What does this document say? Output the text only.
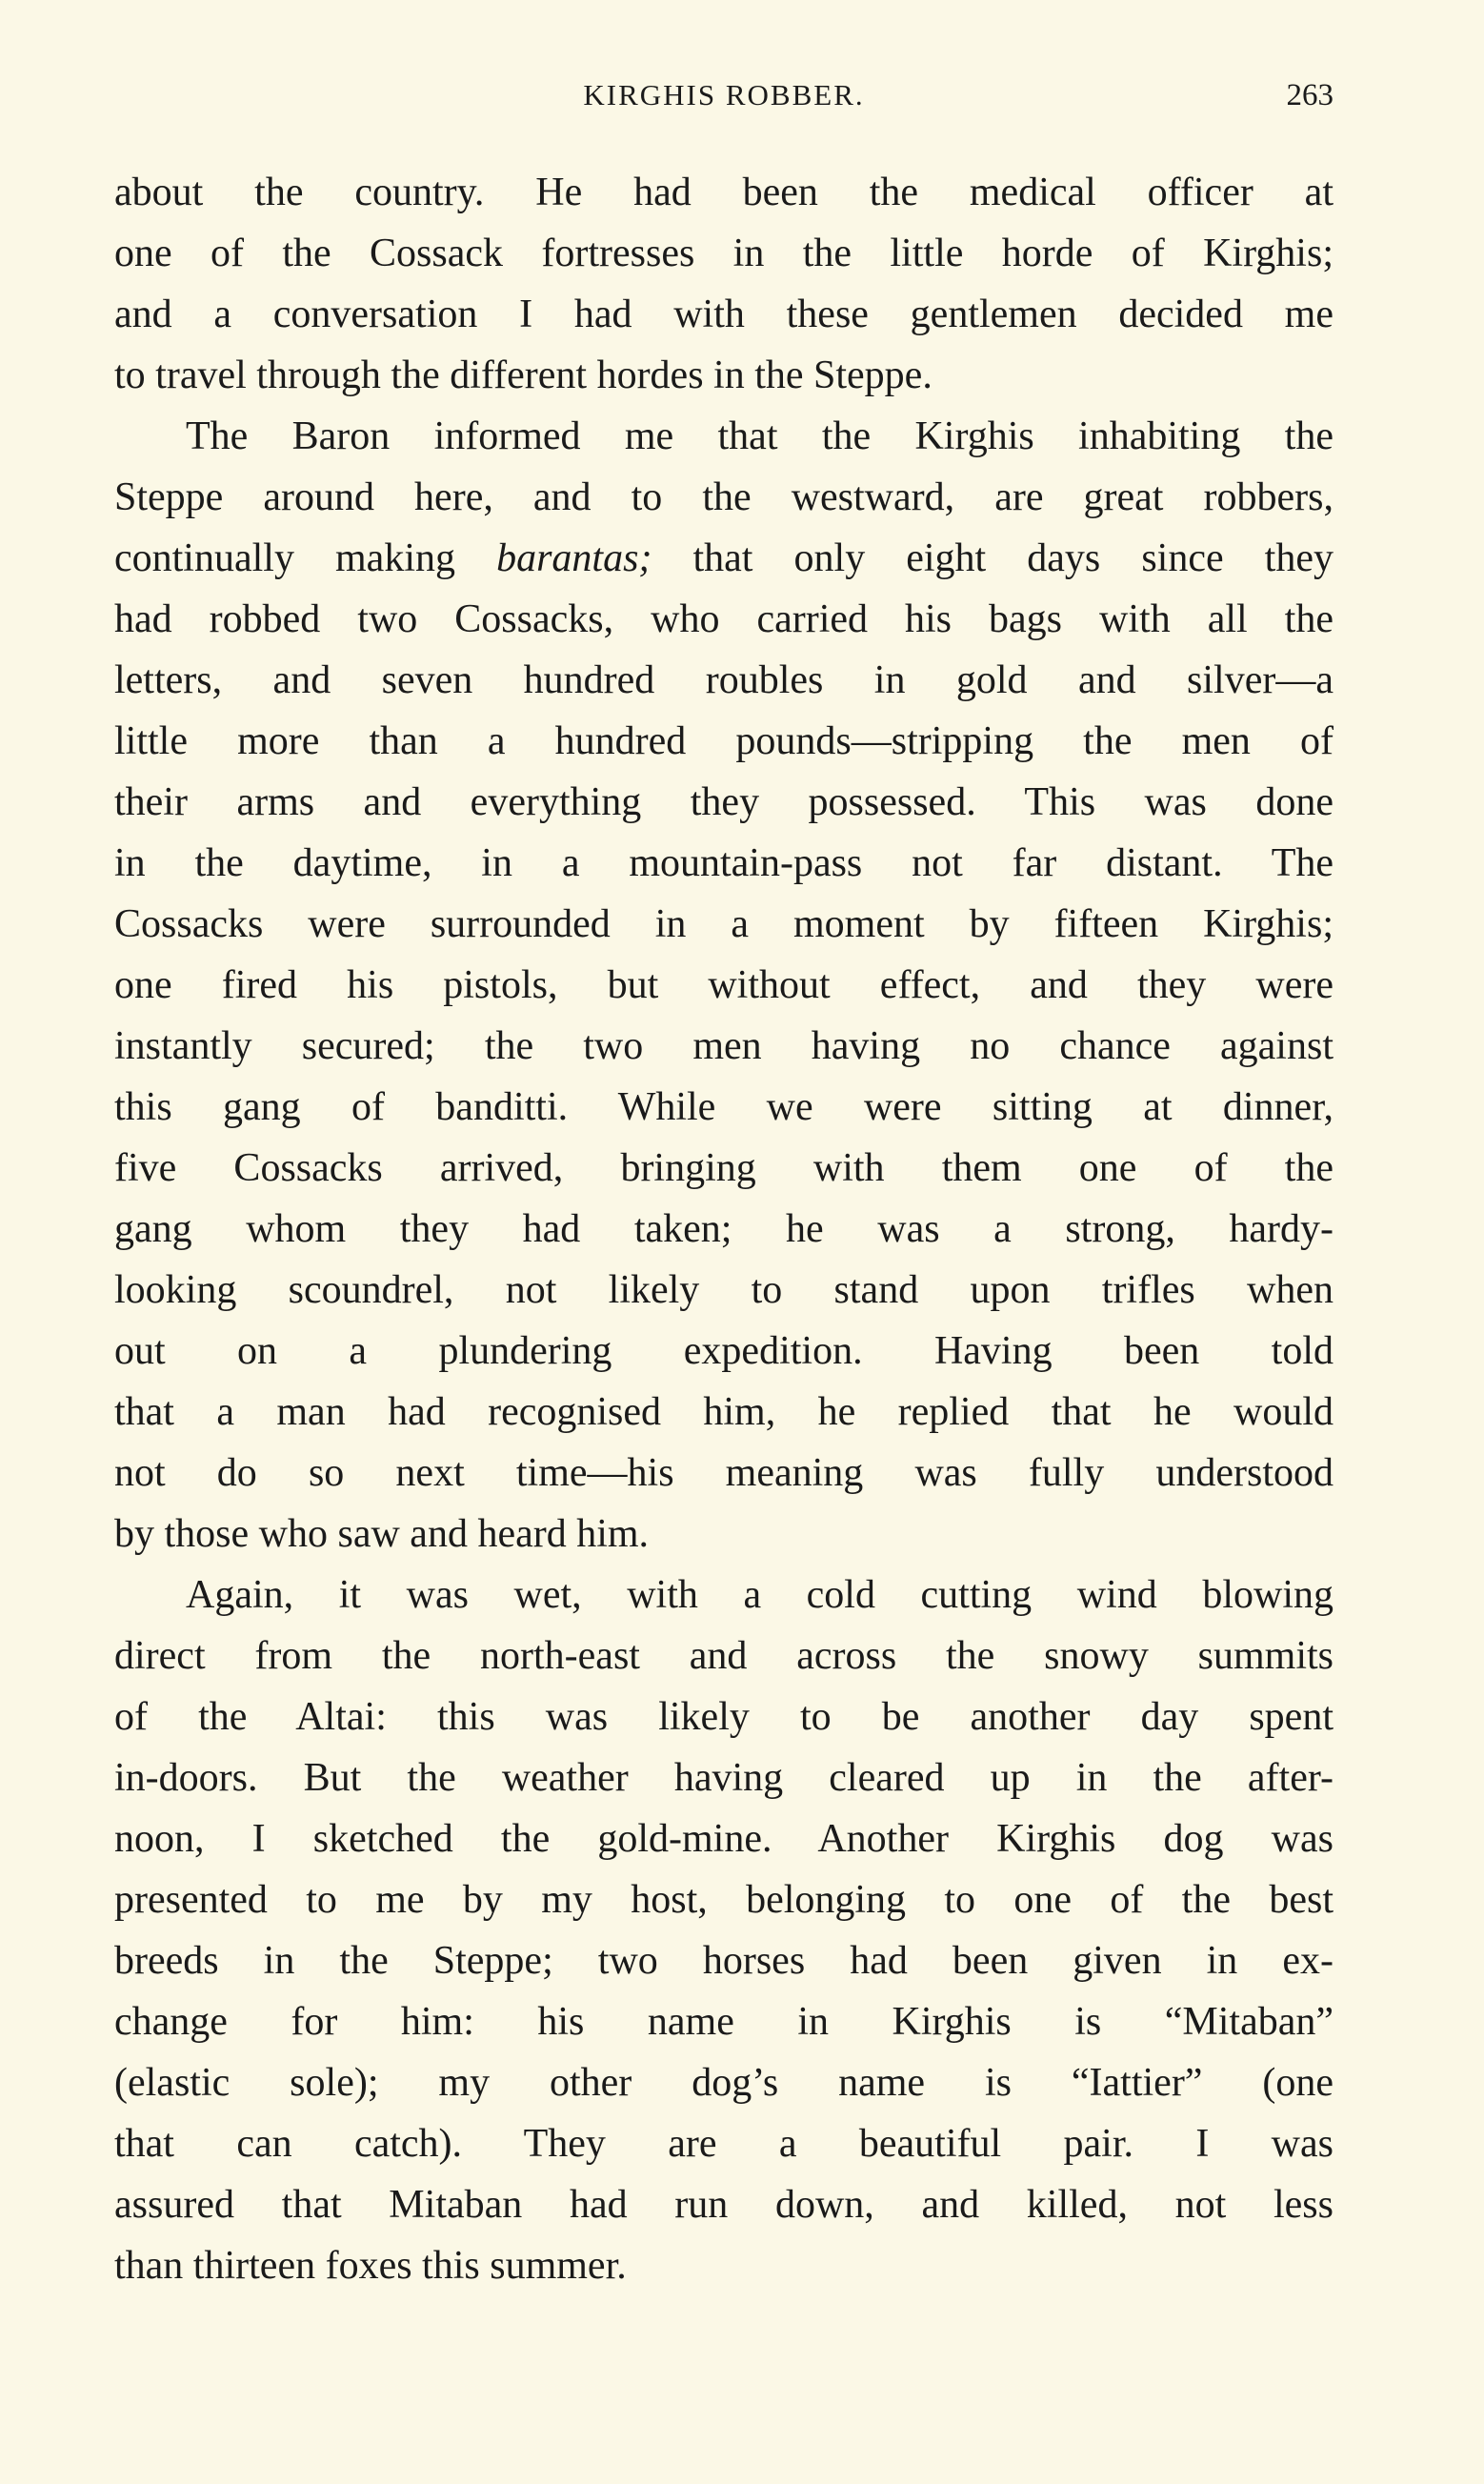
KIRGHIS ROBBER.	263
about the country. He had been the medical officer at
one of the Cossack fortresses in the little horde of Kirghis;
and a conversation I had with these gentlemen decided me
to travel through the different hordes in the Steppe.
The Baron informed me that the Kirghis inhabiting the
Steppe around here, and to the westward, are great robbers,
continually making barantas; that only eight days since they
had robbed two Cossacks, who carried his bags with all the
letters, and seven hundred roubles in gold and silver—a
little more than a hundred pounds—stripping the men of
their arms and everything they possessed. This was done
in the daytime, in a mountain-pass not far distant. The
Cossacks were surrounded in a moment by fifteen Kirghis;
one fired his pistols, but without effect, and they were
instantly secured; the two men having no chance against
this gang of banditti. While we were sitting at dinner,
five Cossacks arrived, bringing with them one of the
gang whom they had taken; he was a strong, hardy-
looking scoundrel, not likely to stand upon trifles when
out on a plundering expedition. Having been told
that a man had recognised him, he replied that he would
not do so next time—his meaning was fully understood
by those who saw and heard him.
Again, it was wet, with a cold cutting wind blowing
direct from the north-east and across the snowy summits
of the Altai: this was likely to be another day spent
in-doors. But the weather having cleared up in the after-
noon, I sketched the gold-mine. Another Kirghis dog was
presented to me by my host, belonging to one of the best
breeds in the Steppe; two horses had been given in ex-
change for him: his name in Kirghis is “Mitaban”
(elastic sole); my other dog’s name is “Iattier” (one
that can catch). They are a beautiful pair. I was
assured that Mitaban had run down, and killed, not less
than thirteen foxes this summer.
